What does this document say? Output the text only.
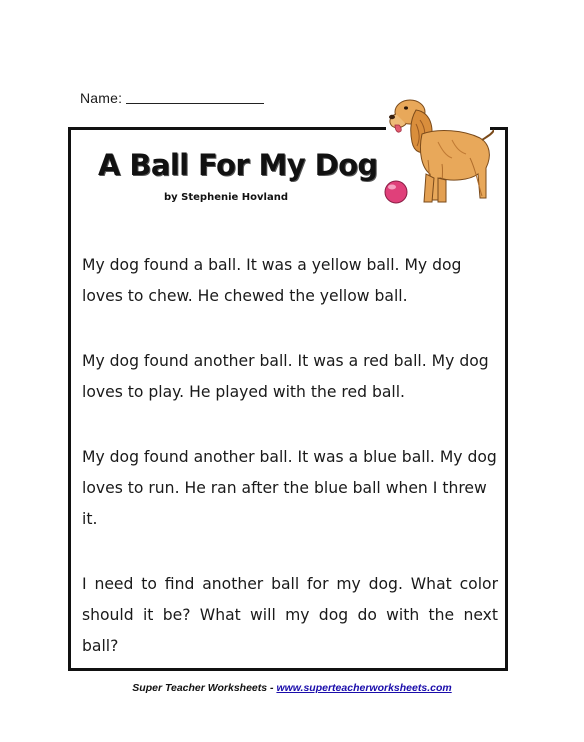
Name:
A Ball For My Dog
by Stephenie Hovland

My dog found a ball. It was a yellow ball. My dog loves to chew. He chewed the yellow ball.

My dog found another ball. It was a red ball. My dog loves to play. He played with the red ball.

My dog found another ball. It was a blue ball. My dog loves to run. He ran after the blue ball when I threw it.

I need to find another ball for my dog. What color should it be? What will my dog do with the next ball?

Super Teacher Worksheets - www.superteacherworksheets.com
